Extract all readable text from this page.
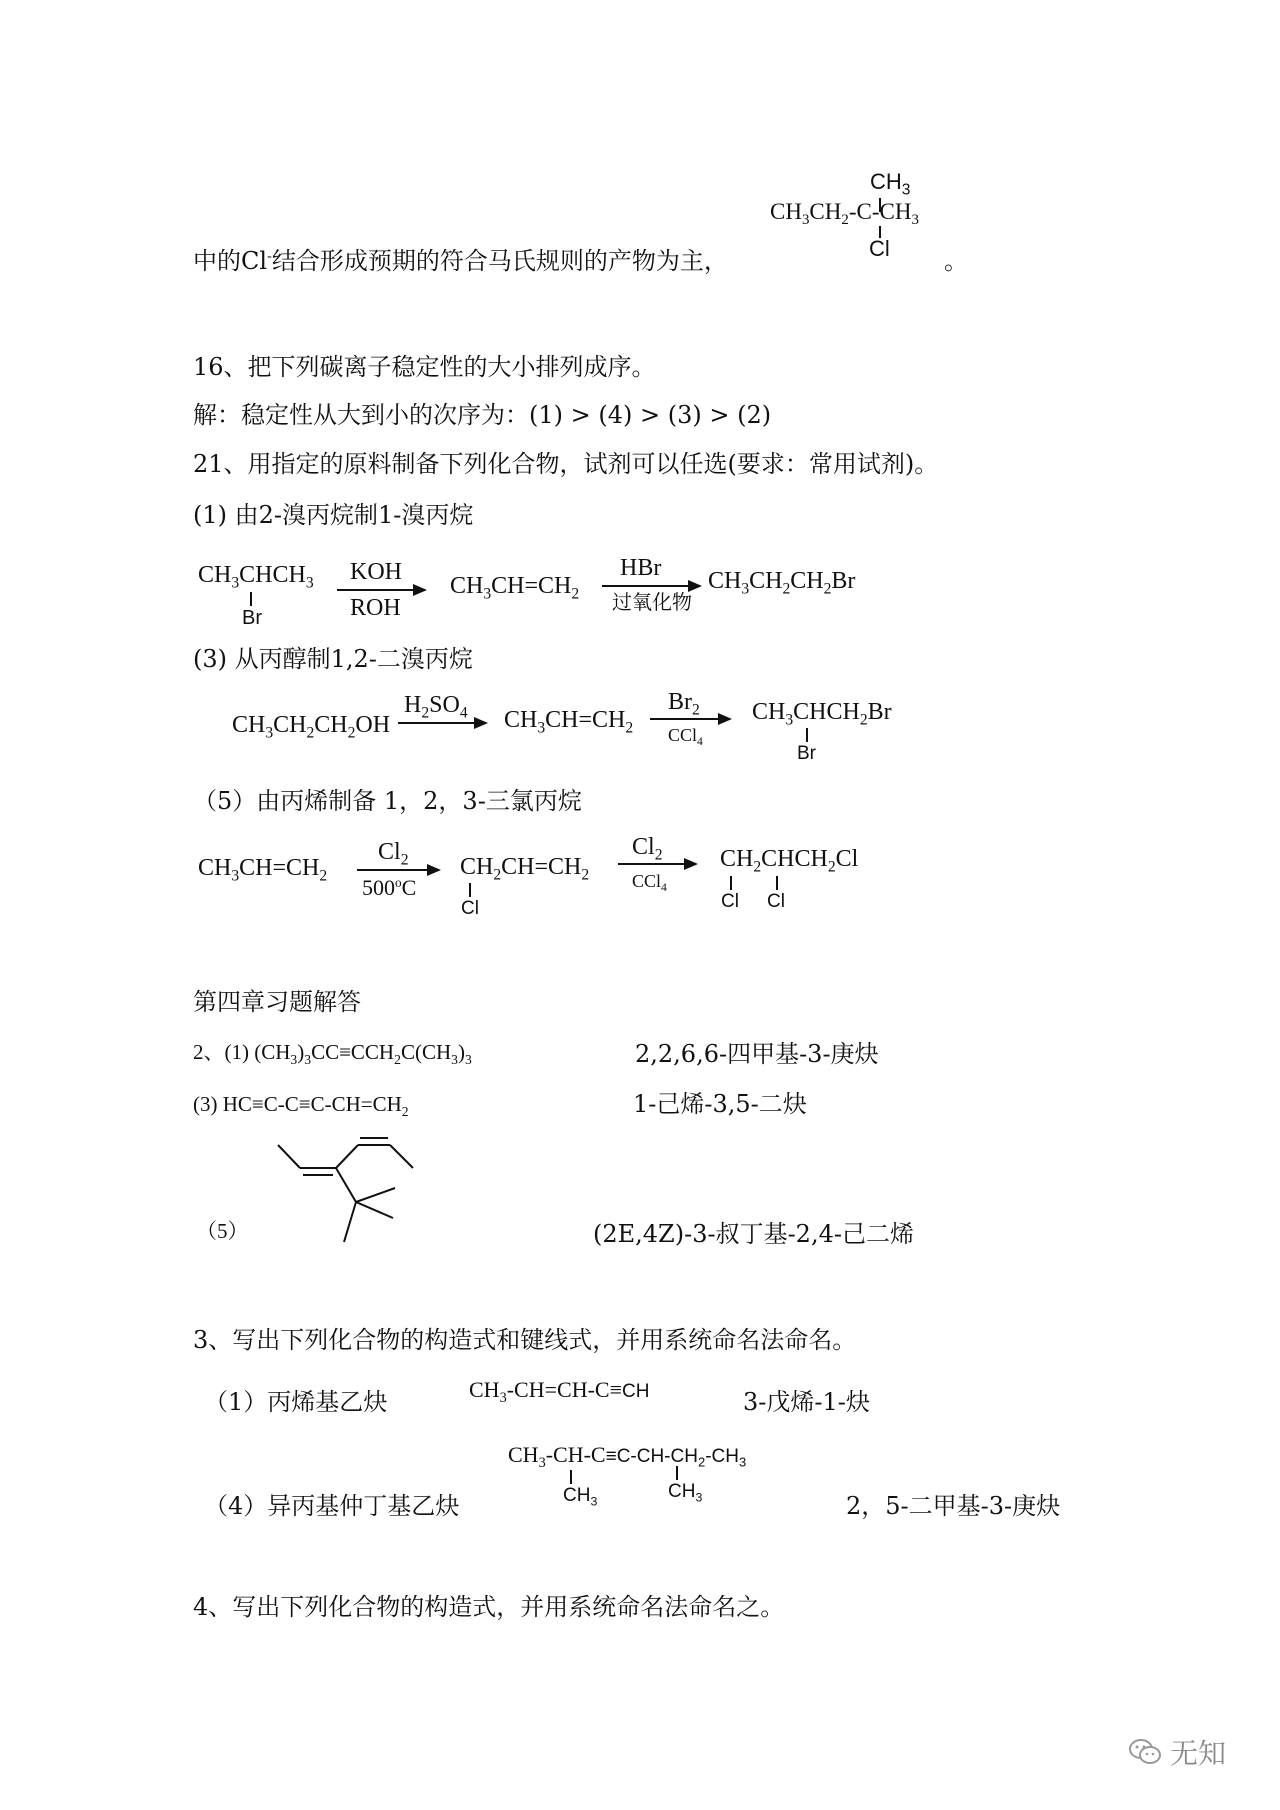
中的Cl-结合形成预期的符合马氏规则的产物为主，
$CH_3$
$CH_3CH_2-C-CH_3$
Cl 。
16、把下列碳离子稳定性的大小排列成序。
解：稳定性从大到小的次序为：(1) > (4) > (3) > (2)
21、用指定的原料制备下列化合物，试剂可以任选(要求：常用试剂)。
(1) 由2-溴丙烷制1-溴丙烷
$CH_3CHCH_3$
Br
KOH
ROH
$CH_3CH=CH_2$
HBr
过氧化物
$CH_3CH_2CH_2Br$
(3) 从丙醇制1,2-二溴丙烷
$CH_3CH_2CH_2OH$
$H_2SO_4$ $CH_3CH=CH_2$
$Br_2$
CCl$_4$
$CH_3CHCH_2Br$
Br
（5）由丙烯制备 1，2，3-三氯丙烷
$CH_3CH=CH_2$
$Cl_2$
500$^o$C
$CH_2CH=CH_2$
Cl
$Cl_2$
CCl$_4$
$CH_2CHCH_2Cl$
Cl Cl
第四章习题解答
2、(1) $(CH_3)_3CC\equiv CCH_2C(CH_3)_3$	2,2,6,6-四甲基-3-庚炔
(3) $HC\equiv C-C\equiv C-CH=CH_2$	1-己烯-3,5-二炔
（5）	(2E,4Z)-3-叔丁基-2,4-己二烯
3、写出下列化合物的构造式和键线式，并用系统命名法命名。
（1）丙烯基乙炔	$CH_3-CH=CH-C\equiv CH$	3-戊烯-1-炔
$CH_3-CH-C\equiv C-CH-CH_2-CH_3$
$CH_3$	$CH_3$
（4）异丙基仲丁基乙炔	2，5-二甲基-3-庚炔
4、写出下列化合物的构造式，并用系统命名法命名之。
无知
